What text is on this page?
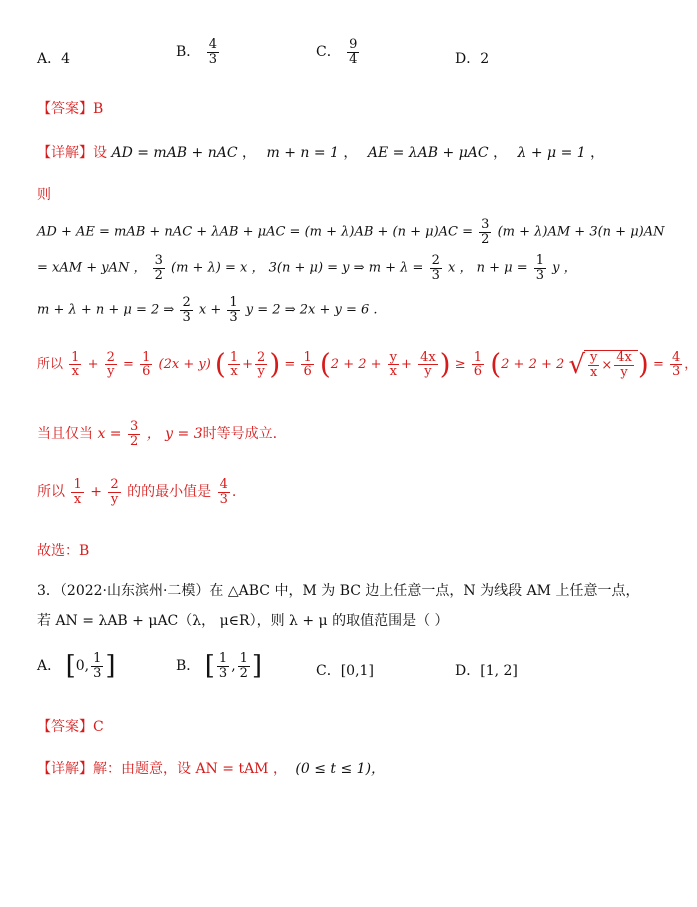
A．4	B． $\frac{4}{3}$	C． $\frac{9}{4}$	D．2
【答案】B
【详解】设 AD = mAB + nAC ， m + n = 1 ， AE = λAB + μAC ， λ + μ = 1 ，
则
AD + AE = mAB + nAC + $\lambda AB + \mu AC = (m + \lambda)AB + (n + \mu)AC = \frac{3}{2} (m + \lambda)AM + 3(n + \mu)AN$
= xAM + yAN ， $\frac{3}{2} (m + \lambda) = x$ ， 3(n + μ) = y ⇒ $m + \lambda = \frac{2}{3}$ x ， $n + \mu = \frac{1}{3}$ y ，
m + λ + n + μ = 2 ⇒ $\frac{2}{3}$ $x + \frac{1}{3}$ y = 2 ⇒ 2x + y = 6 .
所以 $\frac{1}{x} + \frac{2}{y} = \frac{1}{6} (2x + y)$ ( $\frac{1}{x} + \frac{2}{y}$ ) = $\frac{1}{6} (2 + 2 + \frac{y}{x} + \frac{4x}{y}$ ) ≥ $\frac{1}{6} (2 + 2 + 2$ √ $\frac{y}{x} \times \frac{4x}{y}$ ) = $\frac{4}{3}$ ，
当且仅当 $x = \frac{3}{2}$ ， y = 3时等号成立.
所以 $\frac{1}{x} + \frac{2}{y}$ 的的最小值是 $\frac{4}{3}$ .
故选：B
3．（2022·山东滨州·二模）在 △ABC 中，M 为 BC 边上任意一点，N 为线段 AM 上任意一点，
若 AN = λAB + μAC（λ， μ∈R），则 λ + μ 的取值范围是（ ）
A． [0, $\frac{1}{3}$ ]	B． [ $\frac{1}{3}$ , $\frac{1}{2}$ ]	C．[0,1]	D．[1, 2]
【答案】C
【详解】解：由题意，设 AN = tAM ， (0 ≤ t ≤ 1)，
